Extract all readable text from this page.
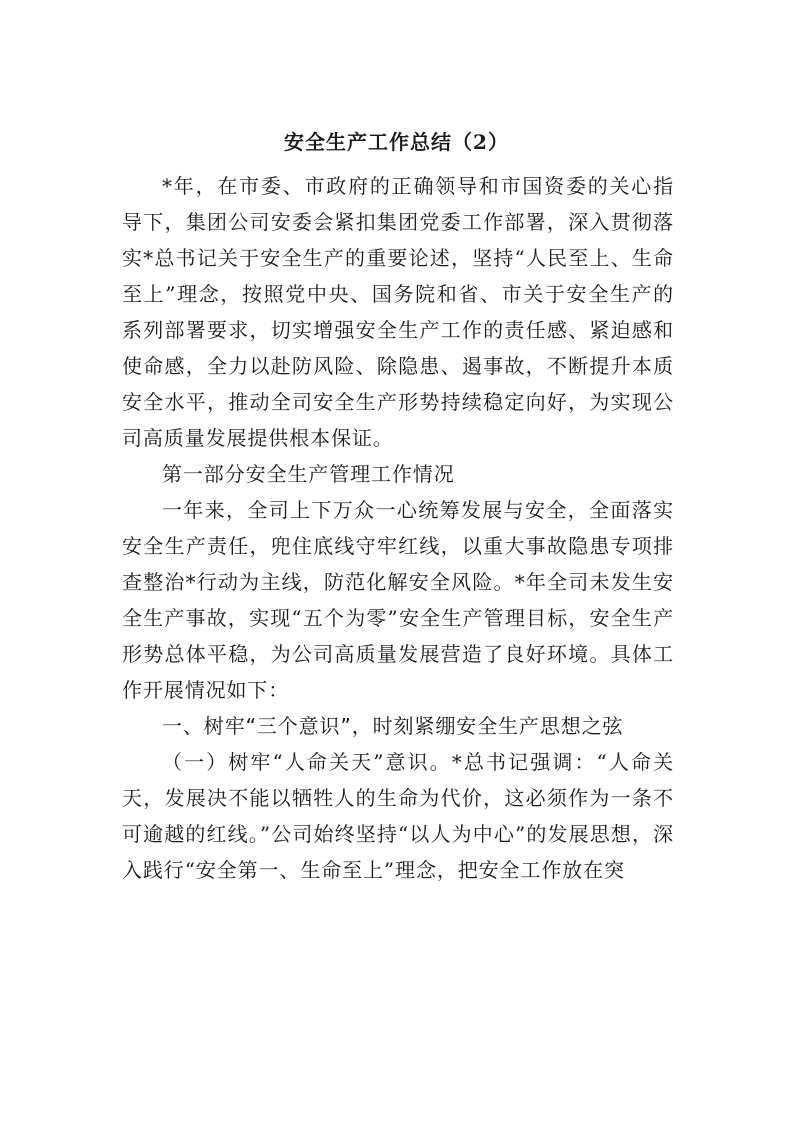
安全生产工作总结（2）

*年，在市委、市政府的正确领导和市国资委的关心指导下，集团公司安委会紧扣集团党委工作部署，深入贯彻落实*总书记关于安全生产的重要论述，坚持“人民至上、生命至上”理念，按照党中央、国务院和省、市关于安全生产的系列部署要求，切实增强安全生产工作的责任感、紧迫感和使命感，全力以赴防风险、除隐患、遏事故，不断提升本质安全水平，推动全司安全生产形势持续稳定向好，为实现公司高质量发展提供根本保证。

第一部分安全生产管理工作情况

一年来，全司上下万众一心统筹发展与安全，全面落实安全生产责任，兜住底线守牢红线，以重大事故隐患专项排查整治*行动为主线，防范化解安全风险。*年全司未发生安全生产事故，实现“五个为零”安全生产管理目标，安全生产形势总体平稳，为公司高质量发展营造了良好环境。具体工作开展情况如下：

一、树牢“三个意识”，时刻紧绷安全生产思想之弦

（一）树牢“人命关天”意识。*总书记强调：“人命关天，发展决不能以牺牲人的生命为代价，这必须作为一条不可逾越的红线。”公司始终坚持“以人为中心”的发展思想，深入践行“安全第一、生命至上”理念，把安全工作放在突
